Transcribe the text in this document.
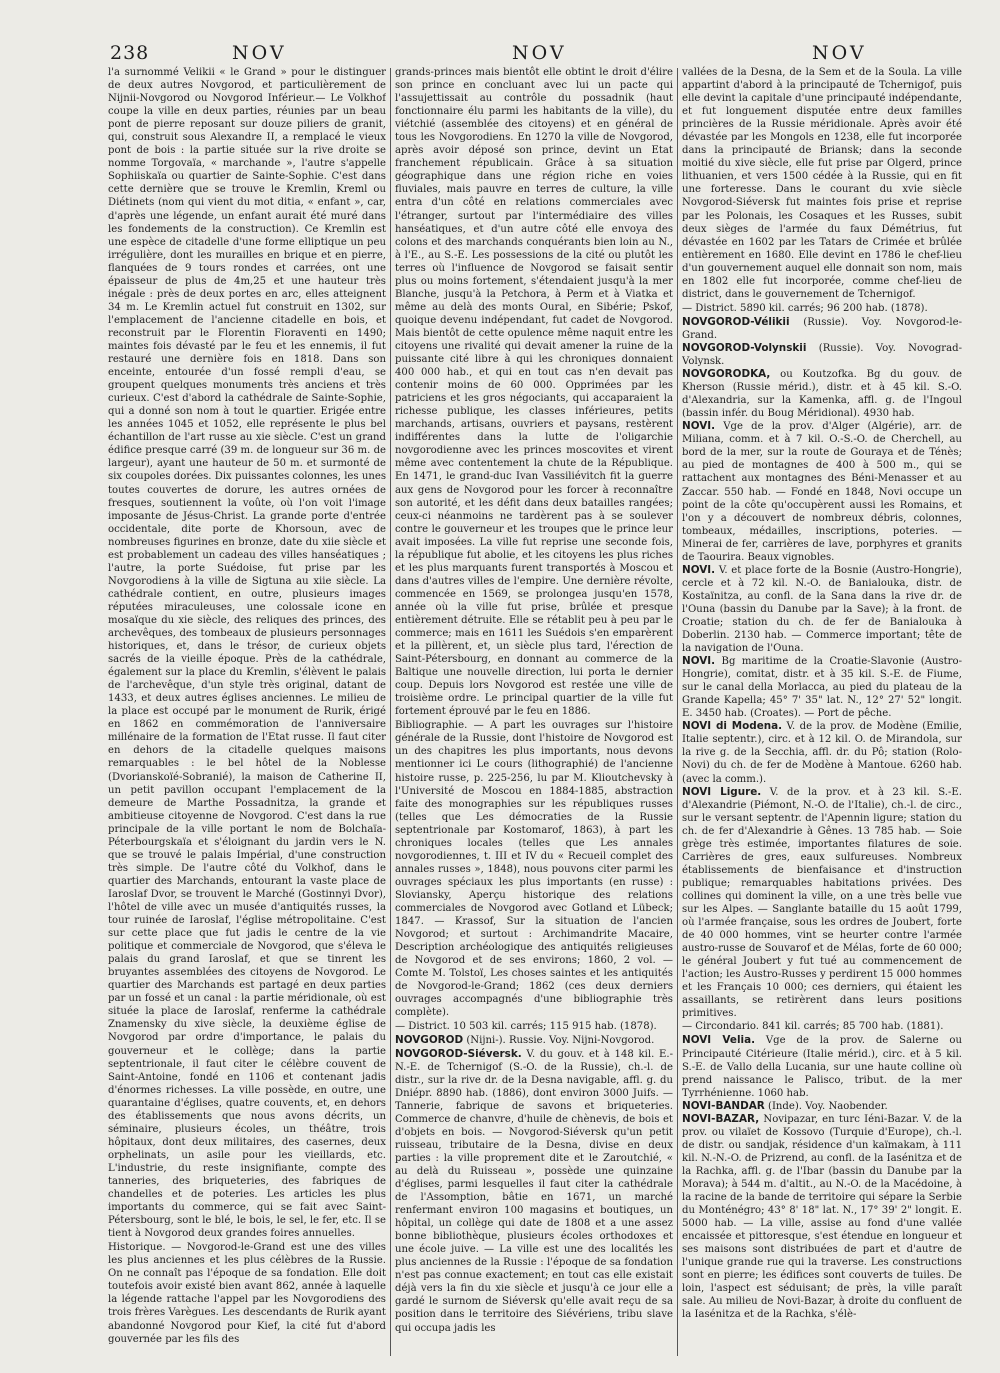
238	NOV	NOV	NOV

l'a surnommé Velikii « le Grand » pour le distinguer de deux autres Novgorod, et particulièrement de Nijnii-Novgorod ou Novgorod Inférieur.— Le Volkhof coupe la ville en deux parties, réunies par un beau pont de pierre reposant sur douze piliers de granit, qui, construit sous Alexandre II, a remplacé le vieux pont de bois : la partie située sur la rive droite se nomme Torgovaïa, « marchande », l'autre s'appelle Sophiiskaïa ou quartier de Sainte-Sophie. C'est dans cette dernière que se trouve le Kremlin, Kreml ou Diétinets (nom qui vient du mot ditia, « enfant », car, d'après une légende, un enfant aurait été muré dans les fondements de la construction). Ce Kremlin est une espèce de citadelle d'une forme elliptique un peu irrégulière, dont les murailles en brique et en pierre, flanquées de 9 tours rondes et carrées, ont une épaisseur de plus de 4m,25 et une hauteur très inégale : près de deux portes en arc, elles atteignent 34 m. Le Kremlin actuel fut construit en 1302, sur l'emplacement de l'ancienne citadelle en bois, et reconstruit par le Florentin Fioraventi en 1490; maintes fois dévasté par le feu et les ennemis, il fut restauré une dernière fois en 1818. Dans son enceinte, entourée d'un fossé rempli d'eau, se groupent quelques monuments très anciens et très curieux. C'est d'abord la cathédrale de Sainte-Sophie, qui a donné son nom à tout le quartier. Erigée entre les années 1045 et 1052, elle représente le plus bel échantillon de l'art russe au xie siècle. C'est un grand édifice presque carré (39 m. de longueur sur 36 m. de largeur), ayant une hauteur de 50 m. et surmonté de six coupoles dorées. Dix puissantes colonnes, les unes toutes couvertes de dorure, les autres ornées de fresques, soutiennent la voûte, où l'on voit l'image imposante de Jésus-Christ. La grande porte d'entrée occidentale, dite porte de Khorsoun, avec de nombreuses figurines en bronze, date du xiie siècle et est probablement un cadeau des villes hanséatiques ; l'autre, la porte Suédoise, fut prise par les Novgorodiens à la ville de Sigtuna au xiie siècle. La cathédrale contient, en outre, plusieurs images réputées miraculeuses, une colossale icone en mosaïque du xie siècle, des reliques des princes, des archevêques, des tombeaux de plusieurs personnages historiques, et, dans le trésor, de curieux objets sacrés de la vieille époque. Près de la cathédrale, également sur la place du Kremlin, s'élèvent le palais de l'archevêque, d'un style très original, datant de 1433, et deux autres églises anciennes. Le milieu de la place est occupé par le monument de Rurik, érigé en 1862 en commémoration de l'anniversaire millénaire de la formation de l'Etat russe. Il faut citer en dehors de la citadelle quelques maisons remarquables : le bel hôtel de la Noblesse (Dvorianskoïé-Sobranié), la maison de Catherine II, un petit pavillon occupant l'emplacement de la demeure de Marthe Possadnitza, la grande et ambitieuse citoyenne de Novgorod. C'est dans la rue principale de la ville portant le nom de Bolchaïa-Péterbourgskaïa et s'éloignant du jardin vers le N. que se trouvé le palais Impérial, d'une construction très simple. De l'autre côté du Volkhof, dans le quartier des Marchands, entourant la vaste place de Iaroslaf Dvor, se trouvent le Marché (Gostinnyi Dvor), l'hôtel de ville avec un musée d'antiquités russes, la tour ruinée de Iaroslaf, l'église métropolitaine. C'est sur cette place que fut jadis le centre de la vie politique et commerciale de Novgorod, que s'éleva le palais du grand Iaroslaf, et que se tinrent les bruyantes assemblées des citoyens de Novgorod. Le quartier des Marchands est partagé en deux parties par un fossé et un canal : la partie méridionale, où est située la place de Iaroslaf, renferme la cathédrale Znamensky du xive siècle, la deuxième église de Novgorod par ordre d'importance, le palais du gouverneur et le collège; dans la partie septentrionale, il faut citer le célèbre couvent de Saint-Antoine, fondé en 1106 et contenant jadis d'énormes richesses. La ville possède, en outre, une quarantaine d'églises, quatre couvents, et, en dehors des établissements que nous avons décrits, un séminaire, plusieurs écoles, un théâtre, trois hôpitaux, dont deux militaires, des casernes, deux orphelinats, un asile pour les vieillards, etc. L'industrie, du reste insignifiante, compte des tanneries, des briqueteries, des fabriques de chandelles et de poteries. Les articles les plus importants du commerce, qui se fait avec Saint-Pétersbourg, sont le blé, le bois, le sel, le fer, etc. Il se tient à Novgorod deux grandes foires annuelles.

Historique. — Novgorod-le-Grand est une des villes les plus anciennes et les plus célèbres de la Russie. On ne connaît pas l'époque de sa fondation. Elle doit toutefois avoir existé bien avant 862, année à laquelle la légende rattache l'appel par les Novgorodiens des trois frères Varègues. Les descendants de Rurik ayant abandonné Novgorod pour Kief, la cité fut d'abord gouvernée par les fils des

grands-princes mais bientôt elle obtint le droit d'élire son prince en concluant avec lui un pacte qui l'assujettissait au contrôle du possadnik (haut fonctionnaire élu parmi les habitants de la ville), du viétchié (assemblée des citoyens) et en général de tous les Novgorodiens. En 1270 la ville de Novgorod, après avoir déposé son prince, devint un Etat franchement républicain. Grâce à sa situation géographique dans une région riche en voies fluviales, mais pauvre en terres de culture, la ville entra d'un côté en relations commerciales avec l'étranger, surtout par l'intermédiaire des villes hanséatiques, et d'un autre côté elle envoya des colons et des marchands conquérants bien loin au N., à l'E., au S.-E. Les possessions de la cité ou plutôt les terres où l'influence de Novgorod se faisait sentir plus ou moins fortement, s'étendaient jusqu'à la mer Blanche, jusqu'à la Petchora, à Perm et à Viatka et même au delà des monts Oural, en Sibérie; Pskof, quoique devenu indépendant, fut cadet de Novgorod. Mais bientôt de cette opulence même naquit entre les citoyens une rivalité qui devait amener la ruine de la puissante cité libre à qui les chroniques donnaient 400 000 hab., et qui en tout cas n'en devait pas contenir moins de 60 000. Opprimées par les patriciens et les gros négociants, qui accaparaient la richesse publique, les classes inférieures, petits marchands, artisans, ouvriers et paysans, restèrent indifférentes dans la lutte de l'oligarchie novgorodienne avec les princes moscovites et virent même avec contentement la chute de la République. En 1471, le grand-duc Ivan Vassiliévitch fit la guerre aux gens de Novgorod pour les forcer à reconnaître son autorité, et les défit dans deux batailles rangées; ceux-ci néanmoins ne tardèrent pas à se soulever contre le gouverneur et les troupes que le prince leur avait imposées. La ville fut reprise une seconde fois, la république fut abolie, et les citoyens les plus riches et les plus marquants furent transportés à Moscou et dans d'autres villes de l'empire. Une dernière révolte, commencée en 1569, se prolongea jusqu'en 1578, année où la ville fut prise, brûlée et presque entièrement détruite. Elle se rétablit peu à peu par le commerce; mais en 1611 les Suédois s'en emparèrent et la pillèrent, et, un siècle plus tard, l'érection de Saint-Pétersbourg, en donnant au commerce de la Baltique une nouvelle direction, lui porta le dernier coup. Depuis lors Novgorod est restée une ville de troisième ordre. Le principal quartier de la ville fut fortement éprouvé par le feu en 1886.

Bibliographie. — A part les ouvrages sur l'histoire générale de la Russie, dont l'histoire de Novgorod est un des chapitres les plus importants, nous devons mentionner ici Le cours (lithographié) de l'ancienne histoire russe, p. 225-256, lu par M. Klioutchevsky à l'Université de Moscou en 1884-1885, abstraction faite des monographies sur les républiques russes (telles que Les démocraties de la Russie septentrionale par Kostomarof, 1863), à part les chroniques locales (telles que Les annales novgorodiennes, t. III et IV du « Recueil complet des annales russes », 1848), nous pouvons citer parmi les ouvrages spéciaux les plus importants (en russe) : Sloviansky, Aperçu historique des relations commerciales de Novgorod avec Gotland et Lübeck; 1847. — Krassof, Sur la situation de l'ancien Novgorod; et surtout : Archimandrite Macaire, Description archéologique des antiquités religieuses de Novgorod et de ses environs; 1860, 2 vol. — Comte M. Tolstoï, Les choses saintes et les antiquités de Novgorod-le-Grand; 1862 (ces deux derniers ouvrages accompagnés d'une bibliographie très complète).

— District. 10 503 kil. carrés; 115 915 hab. (1878).

NOVGOROD (Nijni-). Russie. Voy. Nijni-Novgorod.

NOVGOROD-Siéversk. V. du gouv. et à 148 kil. E.-N.-E. de Tchernigof (S.-O. de la Russie), ch.-l. de distr., sur la rive dr. de la Desna navigable, affl. g. du Dniépr. 8890 hab. (1886), dont environ 3000 Juifs. — Tannerie, fabrique de savons et briqueteries. Commerce de chanvre, d'huile de chènevis, de bois et d'objets en bois. — Novgorod-Siéversk qu'un petit ruisseau, tributaire de la Desna, divise en deux parties : la ville proprement dite et le Zaroutchié, « au delà du Ruisseau », possède une quinzaine d'églises, parmi lesquelles il faut citer la cathédrale de l'Assomption, bâtie en 1671, un marché renfermant environ 100 magasins et boutiques, un hôpital, un collège qui date de 1808 et a une assez bonne bibliothèque, plusieurs écoles orthodoxes et une école juive. — La ville est une des localités les plus anciennes de la Russie : l'époque de sa fondation n'est pas connue exactement; en tout cas elle existait déjà vers la fin du xie siècle et jusqu'à ce jour elle a gardé le surnom de Siéversk qu'elle avait reçu de sa position dans le territoire des Siévériens, tribu slave qui occupa jadis les

vallées de la Desna, de la Sem et de la Soula. La ville appartint d'abord à la principauté de Tchernigof, puis elle devint la capitale d'une principauté indépendante, et fut longuement disputée entre deux familles princières de la Russie méridionale. Après avoir été dévastée par les Mongols en 1238, elle fut incorporée dans la principauté de Briansk; dans la seconde moitié du xive siècle, elle fut prise par Olgerd, prince lithuanien, et vers 1500 cédée à la Russie, qui en fit une forteresse. Dans le courant du xvie siècle Novgorod-Siéversk fut maintes fois prise et reprise par les Polonais, les Cosaques et les Russes, subit deux sièges de l'armée du faux Démétrius, fut dévastée en 1602 par les Tatars de Crimée et brûlée entièrement en 1680. Elle devint en 1786 le chef-lieu d'un gouvernement auquel elle donnait son nom, mais en 1802 elle fut incorporée, comme chef-lieu de district, dans le gouvernement de Tchernigof.

— District. 5890 kil. carrés; 96 200 hab. (1878).

NOVGOROD-Vélikii (Russie). Voy. Novgorod-le-Grand.

NOVGOROD-Volynskii (Russie). Voy. Novograd-Volynsk.

NOVGORODKA, ou Koutzofka. Bg du gouv. de Kherson (Russie mérid.), distr. et à 45 kil. S.-O. d'Alexandria, sur la Kamenka, affl. g. de l'Ingoul (bassin infér. du Boug Méridional). 4930 hab.

NOVI. Vge de la prov. d'Alger (Algérie), arr. de Miliana, comm. et à 7 kil. O.-S.-O. de Cherchell, au bord de la mer, sur la route de Gouraya et de Ténès; au pied de montagnes de 400 à 500 m., qui se rattachent aux montagnes des Béni-Menasser et au Zaccar. 550 hab. — Fondé en 1848, Novi occupe un point de la côte qu'occupèrent aussi les Romains, et l'on y a découvert de nombreux débris, colonnes, tombeaux, médailles, inscriptions, poteries. — Minerai de fer, carrières de lave, porphyres et granits de Taourira. Beaux vignobles.

NOVI. V. et place forte de la Bosnie (Austro-Hongrie), cercle et à 72 kil. N.-O. de Banialouka, distr. de Kostaïnitza, au confl. de la Sana dans la rive dr. de l'Ouna (bassin du Danube par la Save); à la front. de Croatie; station du ch. de fer de Banialouka à Doberlin. 2130 hab. — Commerce important; tête de la navigation de l'Ouna.

NOVI. Bg maritime de la Croatie-Slavonie (Austro-Hongrie), comitat, distr. et à 35 kil. S.-E. de Fiume, sur le canal della Morlacca, au pied du plateau de la Grande Kapella; 45° 7' 35" lat. N., 12° 27' 52" longit. E. 3450 hab. (Croates). — Port de pêche.

NOVI di Modena. V. de la prov. de Modène (Emilie, Italie septentr.), circ. et à 12 kil. O. de Mirandola, sur la rive g. de la Secchia, affl. dr. du Pô; station (Rolo-Novi) du ch. de fer de Modène à Mantoue. 6260 hab. (avec la comm.).

NOVI Ligure. V. de la prov. et à 23 kil. S.-E. d'Alexandrie (Piémont, N.-O. de l'Italie), ch.-l. de circ., sur le versant septentr. de l'Apennin ligure; station du ch. de fer d'Alexandrie à Gênes. 13 785 hab. — Soie grège très estimée, importantes filatures de soie. Carrières de gres, eaux sulfureuses. Nombreux établissements de bienfaisance et d'instruction publique; remarquables habitations privées. Des collines qui dominent la ville, on a une très belle vue sur les Alpes. — Sanglante bataille du 15 août 1799, où l'armée française, sous les ordres de Joubert, forte de 40 000 hommes, vint se heurter contre l'armée austro-russe de Souvarof et de Mélas, forte de 60 000; le général Joubert y fut tué au commencement de l'action; les Austro-Russes y perdirent 15 000 hommes et les Français 10 000; ces derniers, qui étaient les assaillants, se retirèrent dans leurs positions primitives.

— Circondario. 841 kil. carrés; 85 700 hab. (1881).

NOVI Velia. Vge de la prov. de Salerne ou Principauté Citérieure (Italie mérid.), circ. et à 5 kil. S.-E. de Vallo della Lucania, sur une haute colline où prend naissance le Palisco, tribut. de la mer Tyrrhénienne. 1060 hab.

NOVI-BANDAR (Inde). Voy. Naobender.

NOVI-BAZAR, Novipazar, en turc Iéni-Bazar. V. de la prov. ou vilaïet de Kossovo (Turquie d'Europe), ch.-l. de distr. ou sandjak, résidence d'un kaïmakam, à 111 kil. N.-N.-O. de Prizrend, au confl. de la Iasénitza et de la Rachka, affl. g. de l'Ibar (bassin du Danube par la Morava); à 544 m. d'altit., au N.-O. de la Macédoine, à la racine de la bande de territoire qui sépare la Serbie du Monténégro; 43° 8' 18" lat. N., 17° 39' 2" longit. E. 5000 hab. — La ville, assise au fond d'une vallée encaissée et pittoresque, s'est étendue en longueur et ses maisons sont distribuées de part et d'autre de l'unique grande rue qui la traverse. Les constructions sont en pierre; les édifices sont couverts de tuiles. De loin, l'aspect est séduisant; de près, la ville paraît sale. Au milieu de Novi-Bazar, à droite du confluent de la Iasénitza et de la Rachka, s'élè-
